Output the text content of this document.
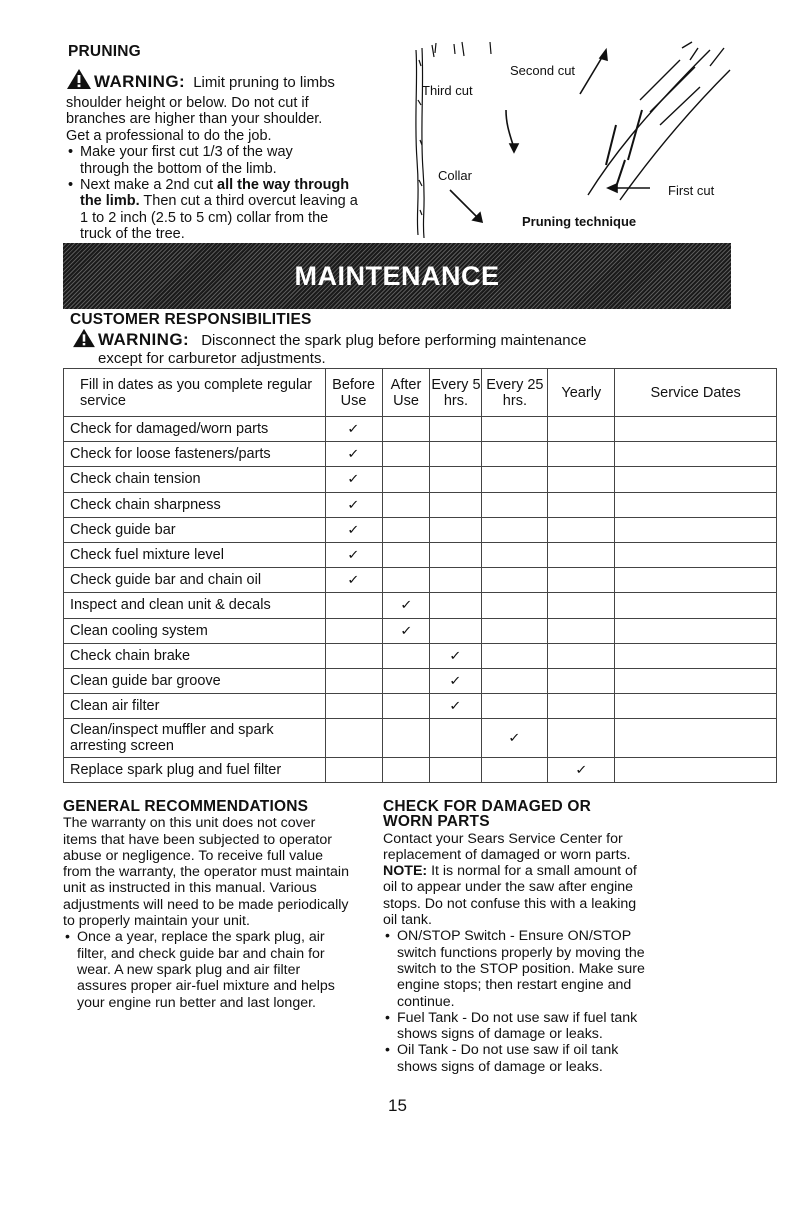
PRUNING
WARNING: Limit pruning to limbs
shoulder height or below. Do not cut if
branches are higher than your shoulder.
Get a professional to do the job.
• Make your first cut 1/3 of the way through the bottom of the limb.
• Next make a 2nd cut all the way through the limb. Then cut a third overcut leaving a 1 to 2 inch (2.5 to 5 cm) collar from the truck of the tree.
Second cut
Third cut
Collar
First cut
Pruning technique
MAINTENANCE
CUSTOMER RESPONSIBILITIES
WARNING: Disconnect the spark plug before performing maintenance
except for carburetor adjustments.
Fill in dates as you complete regular service	Before Use	After Use	Every 5 hrs.	Every 25 hrs.	Yearly	Service Dates
Check for damaged/worn parts	✓					
Check for loose fasteners/parts	✓					
Check chain tension	✓					
Check chain sharpness	✓					
Check guide bar	✓					
Check fuel mixture level	✓					
Check guide bar and chain oil	✓					
Inspect and clean unit & decals		✓				
Clean cooling system		✓				
Check chain brake			✓			
Clean guide bar groove			✓			
Clean air filter			✓			
Clean/inspect muffler and spark arresting screen				✓		
Replace spark plug and fuel filter					✓	
GENERAL RECOMMENDATIONS
The warranty on this unit does not cover items that have been subjected to operator abuse or negligence. To receive full value from the warranty, the operator must maintain unit as instructed in this manual. Various adjustments will need to be made periodically to properly maintain your unit.
• Once a year, replace the spark plug, air filter, and check guide bar and chain for wear. A new spark plug and air filter assures proper air-fuel mixture and helps your engine run better and last longer.
CHECK FOR DAMAGED OR
WORN PARTS
Contact your Sears Service Center for replacement of damaged or worn parts.
NOTE: It is normal for a small amount of oil to appear under the saw after engine stops. Do not confuse this with a leaking oil tank.
• ON/STOP Switch - Ensure ON/STOP switch functions properly by moving the switch to the STOP position. Make sure engine stops; then restart engine and continue.
• Fuel Tank - Do not use saw if fuel tank shows signs of damage or leaks.
• Oil Tank - Do not use saw if oil tank shows signs of damage or leaks.
15
